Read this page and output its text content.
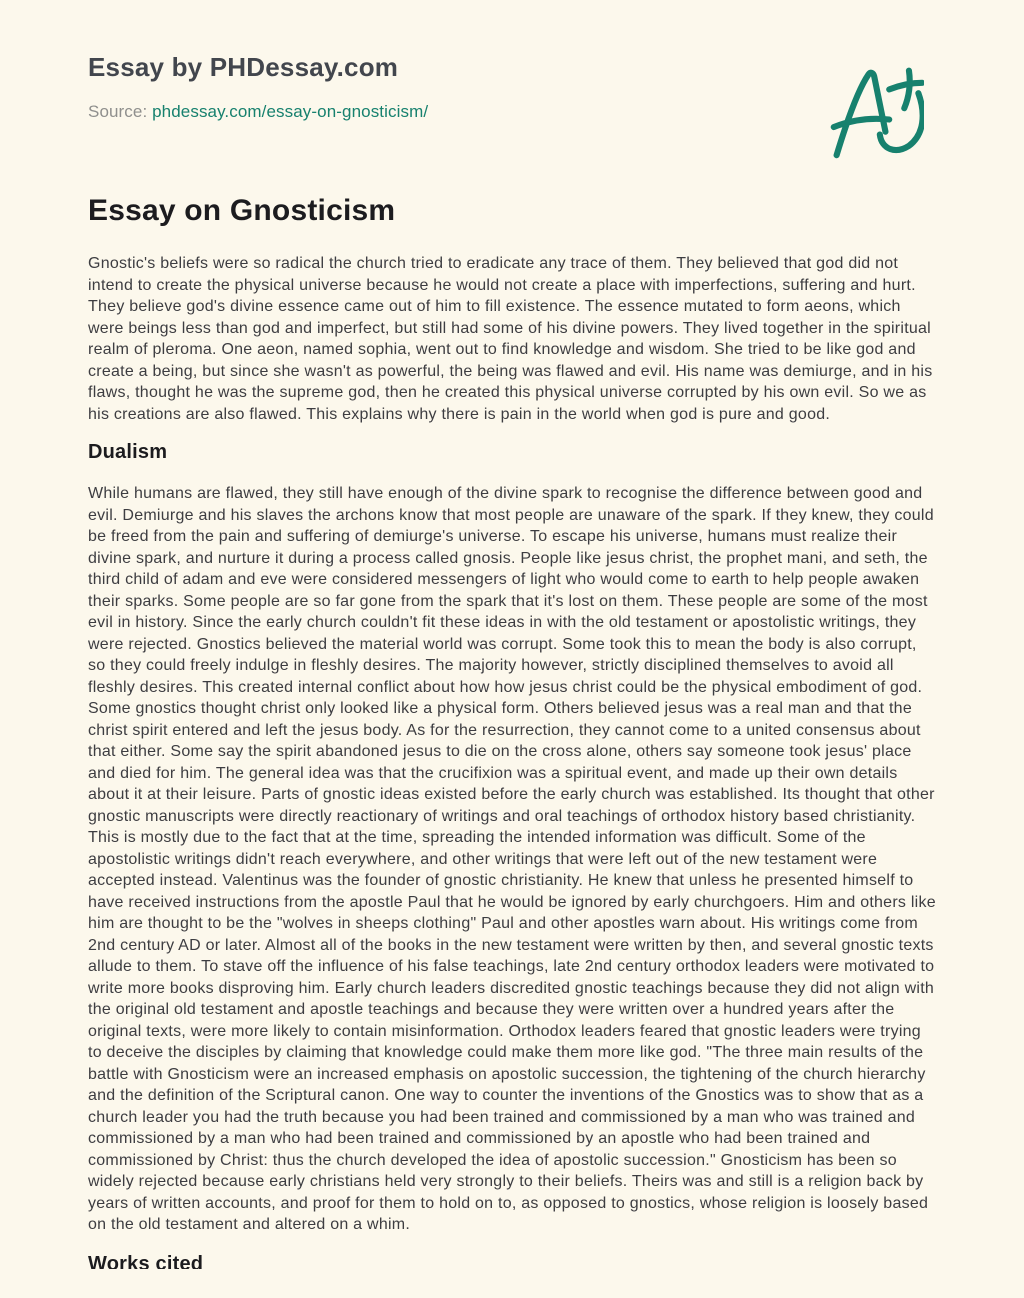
Essay by PHDessay.com

Source: phdessay.com/essay-on-gnosticism/

Essay on Gnosticism

Gnostic's beliefs were so radical the church tried to eradicate any trace of them. They believed that god did not intend to create the physical universe because he would not create a place with imperfections, suffering and hurt. They believe god's divine essence came out of him to fill existence. The essence mutated to form aeons, which were beings less than god and imperfect, but still had some of his divine powers. They lived together in the spiritual realm of pleroma. One aeon, named sophia, went out to find knowledge and wisdom. She tried to be like god and create a being, but since she wasn't as powerful, the being was flawed and evil. His name was demiurge, and in his flaws, thought he was the supreme god, then he created this physical universe corrupted by his own evil. So we as his creations are also flawed. This explains why there is pain in the world when god is pure and good.

Dualism

While humans are flawed, they still have enough of the divine spark to recognise the difference between good and evil. Demiurge and his slaves the archons know that most people are unaware of the spark. If they knew, they could be freed from the pain and suffering of demiurge's universe. To escape his universe, humans must realize their divine spark, and nurture it during a process called gnosis. People like jesus christ, the prophet mani, and seth, the third child of adam and eve were considered messengers of light who would come to earth to help people awaken their sparks. Some people are so far gone from the spark that it's lost on them. These people are some of the most evil in history. Since the early church couldn't fit these ideas in with the old testament or apostolistic writings, they were rejected. Gnostics believed the material world was corrupt. Some took this to mean the body is also corrupt, so they could freely indulge in fleshly desires. The majority however, strictly disciplined themselves to avoid all fleshly desires. This created internal conflict about how how jesus christ could be the physical embodiment of god. Some gnostics thought christ only looked like a physical form. Others believed jesus was a real man and that the christ spirit entered and left the jesus body. As for the resurrection, they cannot come to a united consensus about that either. Some say the spirit abandoned jesus to die on the cross alone, others say someone took jesus' place and died for him. The general idea was that the crucifixion was a spiritual event, and made up their own details about it at their leisure. Parts of gnostic ideas existed before the early church was established. Its thought that other gnostic manuscripts were directly reactionary of writings and oral teachings of orthodox history based christianity. This is mostly due to the fact that at the time, spreading the intended information was difficult. Some of the apostolistic writings didn't reach everywhere, and other writings that were left out of the new testament were accepted instead. Valentinus was the founder of gnostic christianity. He knew that unless he presented himself to have received instructions from the apostle Paul that he would be ignored by early churchgoers. Him and others like him are thought to be the "wolves in sheeps clothing" Paul and other apostles warn about. His writings come from 2nd century AD or later. Almost all of the books in the new testament were written by then, and several gnostic texts allude to them. To stave off the influence of his false teachings, late 2nd century orthodox leaders were motivated to write more books disproving him. Early church leaders discredited gnostic teachings because they did not align with the original old testament and apostle teachings and because they were written over a hundred years after the original texts, were more likely to contain misinformation. Orthodox leaders feared that gnostic leaders were trying to deceive the disciples by claiming that knowledge could make them more like god. "The three main results of the battle with Gnosticism were an increased emphasis on apostolic succession, the tightening of the church hierarchy and the definition of the Scriptural canon. One way to counter the inventions of the Gnostics was to show that as a church leader you had the truth because you had been trained and commissioned by a man who was trained and commissioned by a man who had been trained and commissioned by an apostle who had been trained and commissioned by Christ: thus the church developed the idea of apostolic succession." Gnosticism has been so widely rejected because early christians held very strongly to their beliefs. Theirs was and still is a religion back by years of written accounts, and proof for them to hold on to, as opposed to gnostics, whose religion is loosely based on the old testament and altered on a whim.

Works cited
